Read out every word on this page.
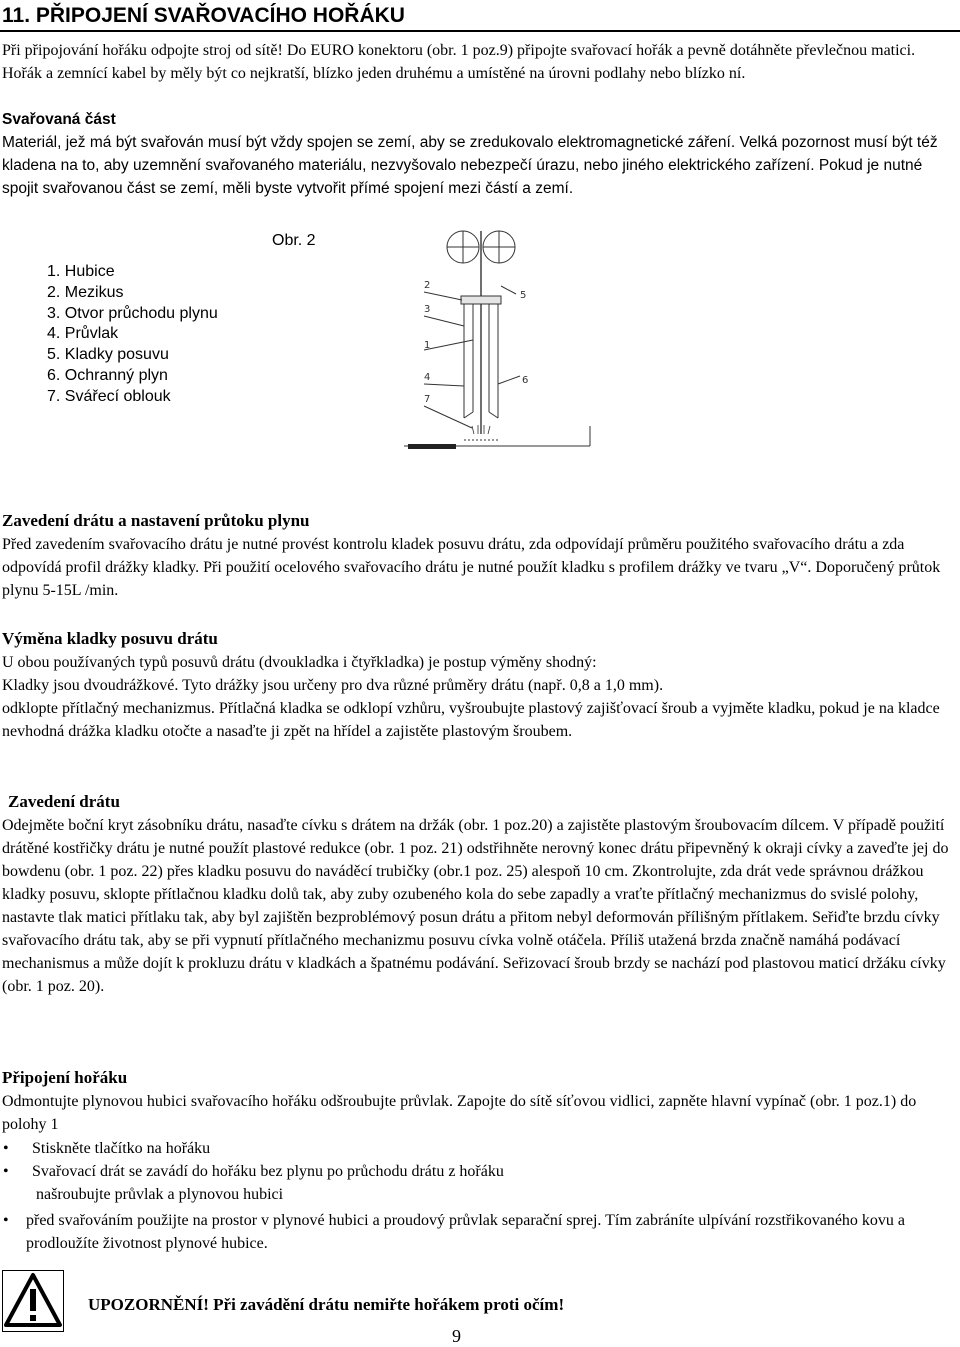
11. PŘIPOJENÍ SVAŘOVACÍHO HOŘÁKU

Při připojování hořáku odpojte stroj od sítě! Do EURO konektoru (obr. 1 poz.9) připojte svařovací hořák a pevně dotáhněte převlečnou matici. Hořák a zemnící kabel by měly být co nejkratší, blízko jeden druhému a umístěné na úrovni podlahy nebo blízko ní.

Svařovaná část

Materiál, jež má být svařován musí být vždy spojen se zemí, aby se zredukovalo elektromagnetické záření. Velká pozornost musí být též kladena na to, aby uzemnění svařovaného materiálu, nezvyšovalo nebezpečí úrazu, nebo jiného elektrického zařízení. Pokud je nutné spojit svařovanou část se zemí, měli byste vytvořit přímé spojení mezi částí a zemí.

Obr. 2
1. Hubice
2. Mezikus
3. Otvor průchodu plynu
4. Průvlak
5. Kladky posuvu
6. Ochranný plyn
7. Svářecí oblouk
2
3
1
4
7
5
6
Zavedení drátu a nastavení průtoku plynu

Před zavedením svařovacího drátu je nutné provést kontrolu kladek posuvu drátu, zda odpovídají průměru použitého svařovacího drátu a zda odpovídá profil drážky kladky. Při použití ocelového svařovacího drátu je nutné použít kladku s profilem drážky ve tvaru „V“. Doporučený průtok plynu 5-15L /min.

Výměna kladky posuvu drátu
U obou používaných typů posuvů drátu (dvoukladka i čtyřkladka) je postup výměny shodný:
Kladky jsou dvoudrážkové. Tyto drážky jsou určeny pro dva různé průměry drátu (např. 0,8 a 1,0 mm).

odklopte přítlačný mechanizmus. Přítlačná kladka se odklopí vzhůru, vyšroubujte plastový zajišťovací šroub a vyjměte kladku, pokud je na kladce nevhodná drážka kladku otočte a nasaďte ji zpět na hřídel a zajistěte plastovým šroubem.

Zavedení drátu

Odejměte boční kryt zásobníku drátu, nasaďte cívku s drátem na držák (obr. 1 poz.20) a zajistěte plastovým šroubovacím dílcem. V případě použití drátěné kostřičky drátu je nutné použít plastové redukce (obr. 1 poz. 21) odstřihněte nerovný konec drátu připevněný k okraji cívky a zaveďte jej do bowdenu (obr. 1 poz. 22) přes kladku posuvu do naváděcí trubičky (obr.1 poz. 25) alespoň 10 cm. Zkontrolujte, zda drát vede správnou drážkou kladky posuvu, sklopte přítlačnou kladku dolů tak, aby zuby ozubeného kola do sebe zapadly a vraťte přítlačný mechanizmus do svislé polohy, nastavte tlak matici přítlaku tak, aby byl zajištěn bezproblémový posun drátu a přitom nebyl deformován přílišným přítlakem. Seřiďte brzdu cívky svařovacího drátu tak, aby se při vypnutí přítlačného mechanizmu posuvu cívka volně otáčela. Příliš utažená brzda značně namáhá podávací mechanismus a může dojít k prokluzu drátu v kladkách a špatnému podávání. Seřizovací šroub brzdy se nachází pod plastovou maticí držáku cívky (obr. 1 poz. 20).

Připojení hořáku

Odmontujte plynovou hubici svařovacího hořáku odšroubujte průvlak. Zapojte do sítě síťovou vidlici, zapněte hlavní vypínač (obr. 1 poz.1) do polohy 1

• Stiskněte tlačítko na hořáku
• Svařovací drát se zavádí do hořáku bez plynu po průchodu drátu z hořáku
našroubujte průvlak a plynovou hubici
• před svařováním použijte na prostor v plynové hubici a proudový průvlak separační sprej. Tím zabráníte ulpívání rozstřikovaného kovu a prodloužíte životnost plynové hubice.
UPOZORNĚNÍ! Při zavádění drátu nemiřte hořákem proti očím!
9
